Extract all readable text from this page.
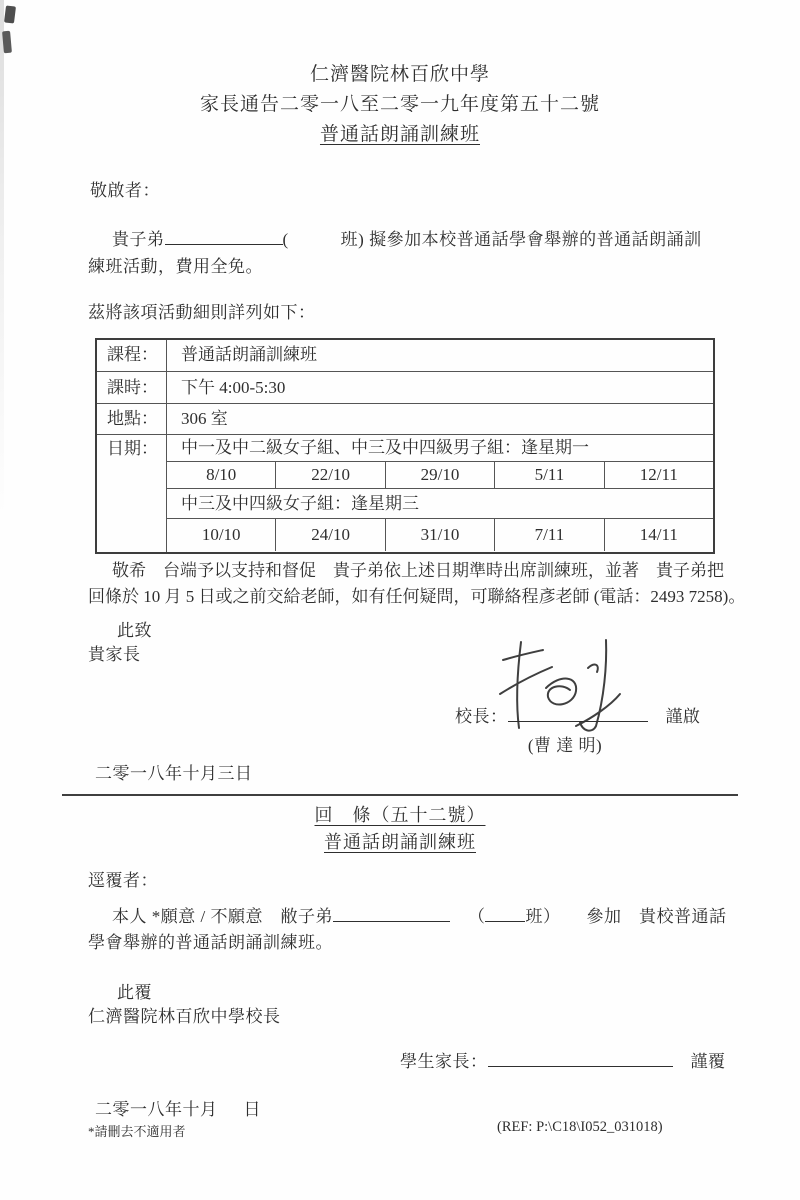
仁濟醫院林百欣中學
家長通告二零一八至二零一九年度第五十二號
普通話朗誦訓練班
敬啟者：
貴子弟	(	班) 擬參加本校普通話學會舉辦的普通話朗誦訓
練班活動，費用全免。
茲將該項活動細則詳列如下：
課程：	普通話朗誦訓練班
課時：	下午 4:00-5:30
地點：	306 室
日期：	中一及中二級女子組、中三及中四級男子組：逢星期一
8/10	22/10	29/10	5/11	12/11
中三及中四級女子組：逢星期三
10/10	24/10	31/10	7/11	14/11
敬希　台端予以支持和督促　貴子弟依上述日期準時出席訓練班，並著　貴子弟把
回條於 10 月 5 日或之前交給老師，如有任何疑問，可聯絡程彥老師 (電話：2493 7258)。
此致
貴家長
校長：	謹啟
(曹 達 明)
二零一八年十月三日
回　條（五十二號）
普通話朗誦訓練班
逕覆者：
本人 *願意 / 不願意　敝子弟	（ 班） 參加　貴校普通話
學會舉辦的普通話朗誦訓練班。
此覆
仁濟醫院林百欣中學校長
學生家長：	謹覆
二零一八年十月 日
*請刪去不適用者	(REF: P:\C18\I052_031018)
